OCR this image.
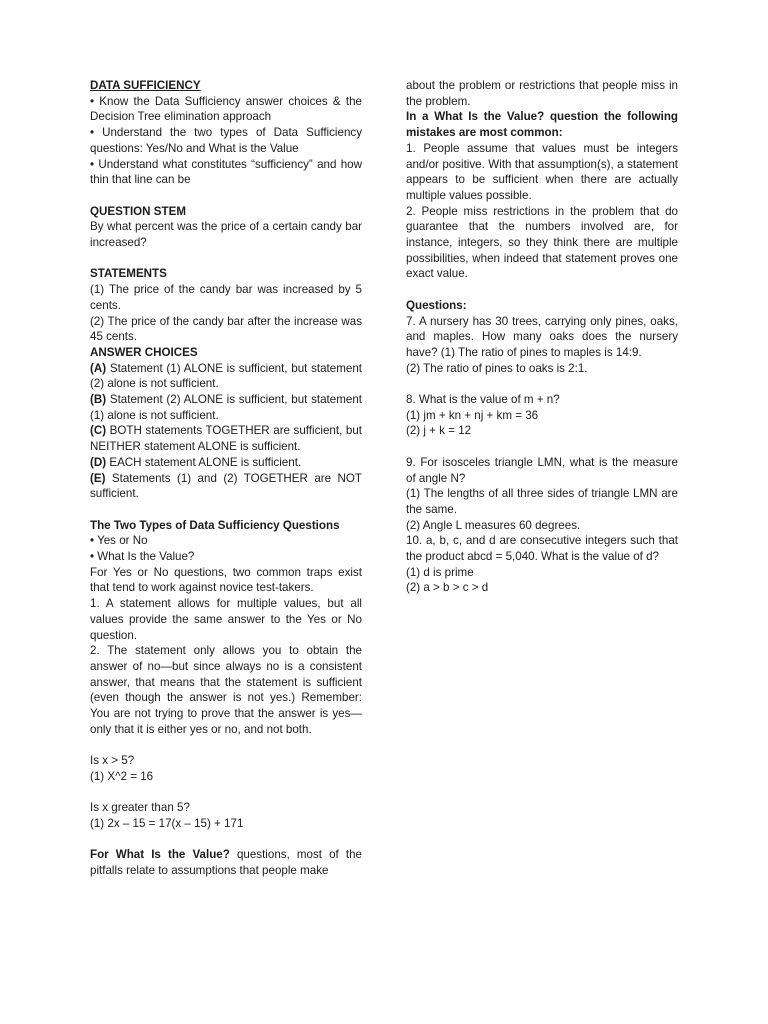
DATA SUFFICIENCY

• Know the Data Sufficiency answer choices & the Decision Tree elimination approach

• Understand the two types of Data Sufficiency questions: Yes/No and What is the Value

• Understand what constitutes “sufficiency” and how thin that line can be

QUESTION STEM

By what percent was the price of a certain candy bar increased?

STATEMENTS

(1) The price of the candy bar was increased by 5 cents.

(2) The price of the candy bar after the increase was 45 cents.

ANSWER CHOICES

(A) Statement (1) ALONE is sufficient, but statement (2) alone is not sufficient.

(B) Statement (2) ALONE is sufficient, but statement (1) alone is not sufficient.

(C) BOTH statements TOGETHER are sufficient, but NEITHER statement ALONE is sufficient.

(D) EACH statement ALONE is sufficient.

(E) Statements (1) and (2) TOGETHER are NOT sufficient.

The Two Types of Data Sufficiency Questions

• Yes or No

• What Is the Value?

For Yes or No questions, two common traps exist that tend to work against novice test-takers.

1. A statement allows for multiple values, but all values provide the same answer to the Yes or No question.

2. The statement only allows you to obtain the answer of no—but since always no is a consistent answer, that means that the statement is sufficient (even though the answer is not yes.) Remember: You are not trying to prove that the answer is yes—only that it is either yes or no, and not both.

Is x > 5?

(1) X^2 = 16

Is x greater than 5?

(1) 2x – 15 = 17(x – 15) + 171

For What Is the Value? questions, most of the pitfalls relate to assumptions that people make

about the problem or restrictions that people miss in the problem.

In a What Is the Value? question the following mistakes are most common:

1. People assume that values must be integers and/or positive. With that assumption(s), a statement appears to be sufficient when there are actually multiple values possible.

2. People miss restrictions in the problem that do guarantee that the numbers involved are, for instance, integers, so they think there are multiple possibilities, when indeed that statement proves one exact value.

Questions:

7. A nursery has 30 trees, carrying only pines, oaks, and maples. How many oaks does the nursery have? (1) The ratio of pines to maples is 14:9.

(2) The ratio of pines to oaks is 2:1.

8. What is the value of m + n?

(1) jm + kn + nj + km = 36

(2) j + k = 12

9. For isosceles triangle LMN, what is the measure of angle N?

(1) The lengths of all three sides of triangle LMN are the same.

(2) Angle L measures 60 degrees.

10. a, b, c, and d are consecutive integers such that the product abcd = 5,040. What is the value of d?

(1) d is prime

(2) a > b > c > d
